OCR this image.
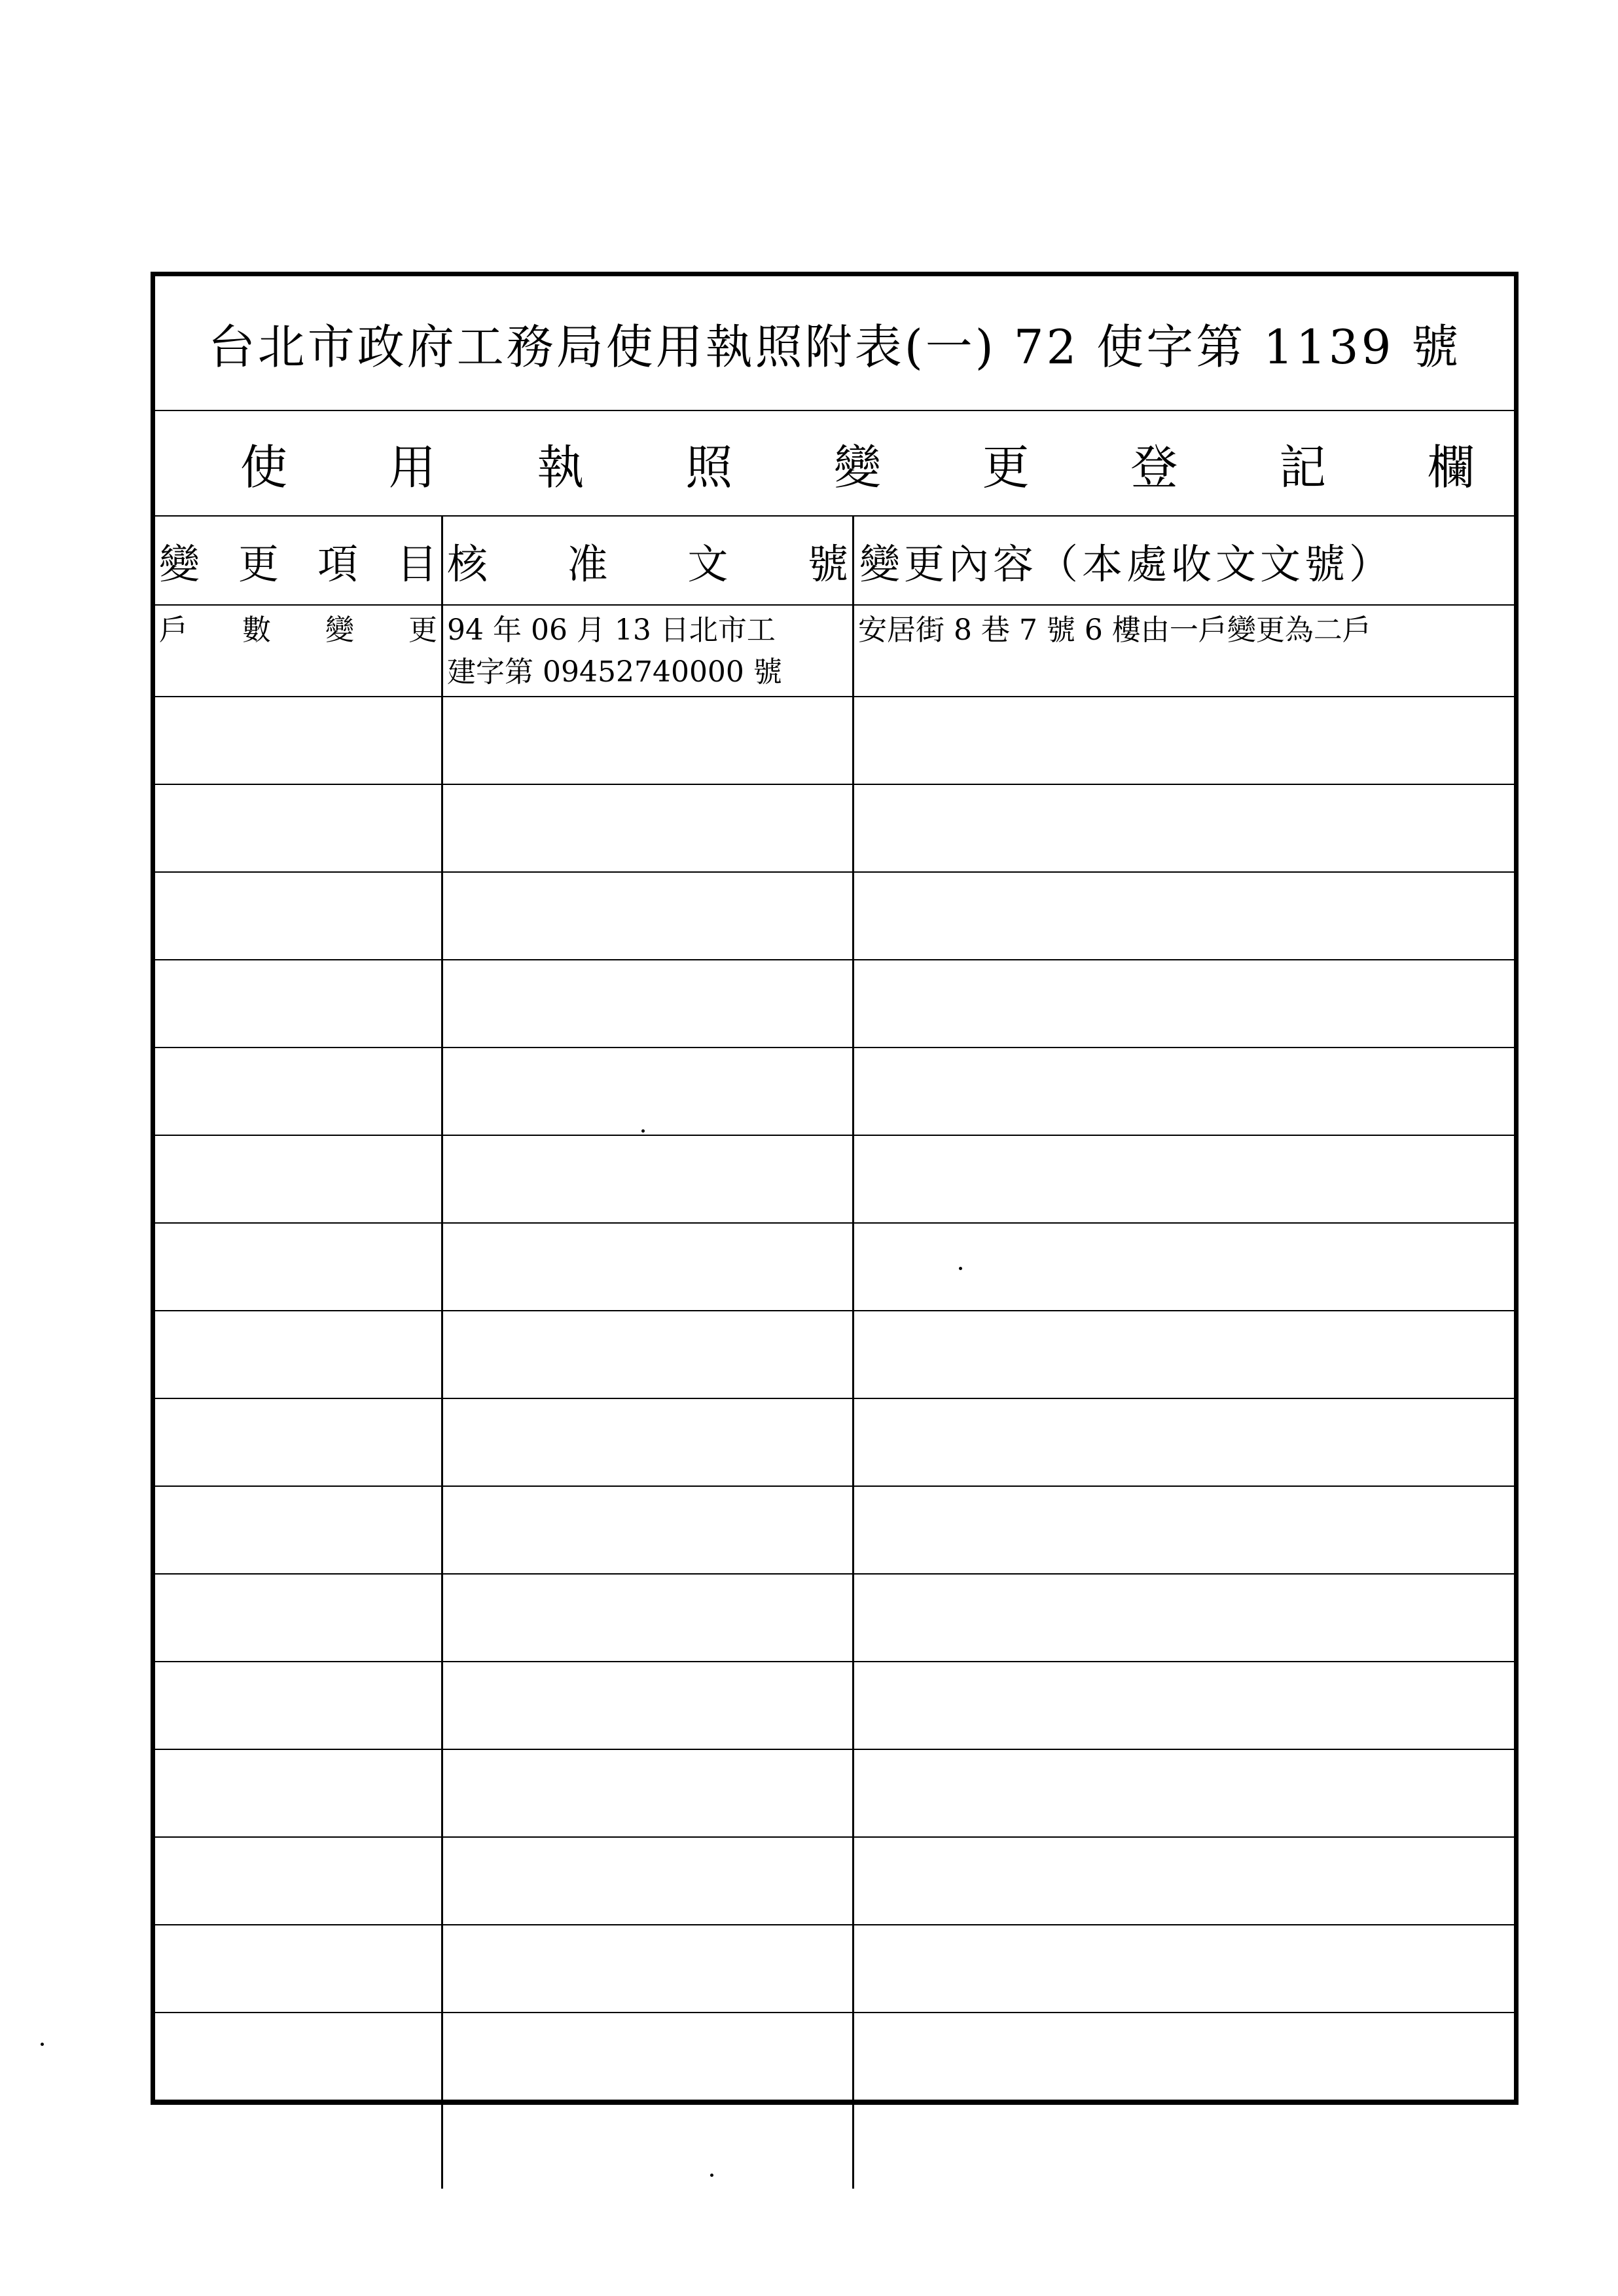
台北市政府工務局使用執照附表(一) 72 使字第 1139 號
使 用 執 照 變 更 登 記 欄
變 更 項 目 核 准 文 號 變更內容（本處收文文號）
戶 數 變 更 94 年 06 月 13 日北市工
建字第 09452740000 號
安居街 8 巷 7 號 6 樓由一戶變更為二戶
